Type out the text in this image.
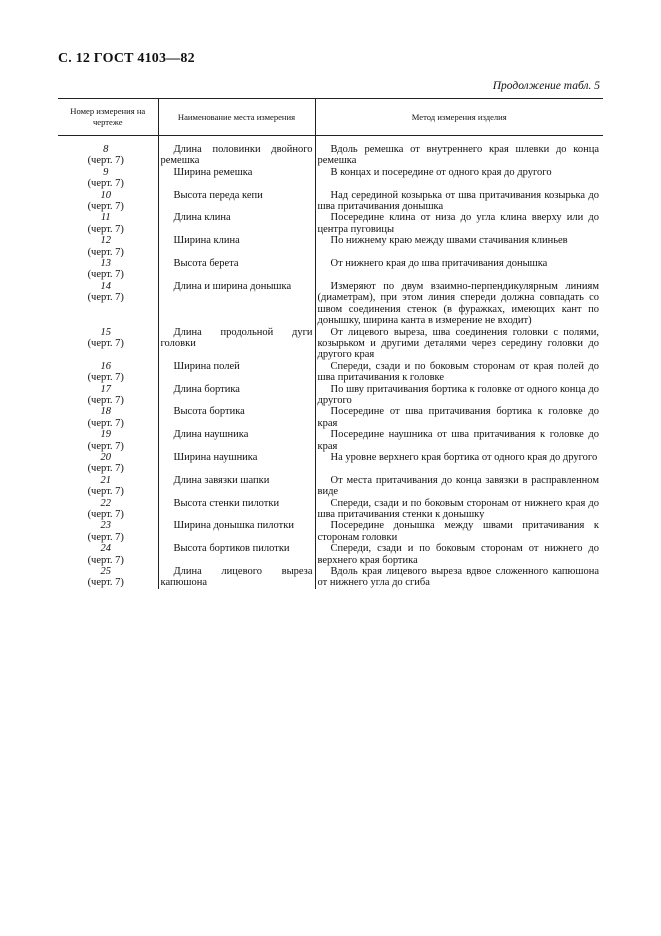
С. 12 ГОСТ 4103—82
Продолжение табл. 5
Номер измерения на чертеже	Наименование места измерения	Метод измерения изделия

8
(черт. 7)	Длина половинки двойного ремешка	Вдоль ремешка от внутреннего края шлевки до конца ремешка

9
(черт. 7)	Ширина ремешка	В концах и посередине от одного края до другого

10
(черт. 7)	Высота переда кепи	Над серединой козырька от шва притачивания козырька до шва притачивания донышка

11
(черт. 7)	Длина клина	Посередине клина от низа до угла клина вверху или до центра пуговицы

12
(черт. 7)	Ширина клина	По нижнему краю между швами стачивания клиньев

13
(черт. 7)	Высота берета	От нижнего края до шва притачивания донышка

14
(черт. 7)	Длина и ширина донышка	Измеряют по двум взаимно-перпендикулярным линиям (диаметрам), при этом линия спереди должна совпадать со швом соединения стенок (в фуражках, имеющих кант по донышку, ширина канта в измерение не входит)

15
(черт. 7)	Длина продольной дуги головки	От лицевого выреза, шва соединения головки с полями, козырьком и другими деталями через середину головки до другого края

16
(черт. 7)	Ширина полей	Спереди, сзади и по боковым сторонам от края полей до шва притачивания к головке

17
(черт. 7)	Длина бортика	По шву притачивания бортика к головке от одного конца до другого

18
(черт. 7)	Высота бортика	Посередине от шва притачивания бортика к головке до края

19
(черт. 7)	Длина наушника	Посередине наушника от шва притачивания к головке до края

20
(черт. 7)	Ширина наушника	На уровне верхнего края бортика от одного края до другого

21
(черт. 7)	Длина завязки шапки	От места притачивания до конца завязки в расправленном виде

22
(черт. 7)	Высота стенки пилотки	Спереди, сзади и по боковым сторонам от нижнего края до шва притачивания стенки к донышку

23
(черт. 7)	Ширина донышка пилотки	Посередине донышка между швами притачивания к сторонам головки

24
(черт. 7)	Высота бортиков пилотки	Спереди, сзади и по боковым сторонам от нижнего до верхнего края бортика

25
(черт. 7)	Длина лицевого выреза капюшона	Вдоль края лицевого выреза вдвое сложенного капюшона от нижнего угла до сгиба
